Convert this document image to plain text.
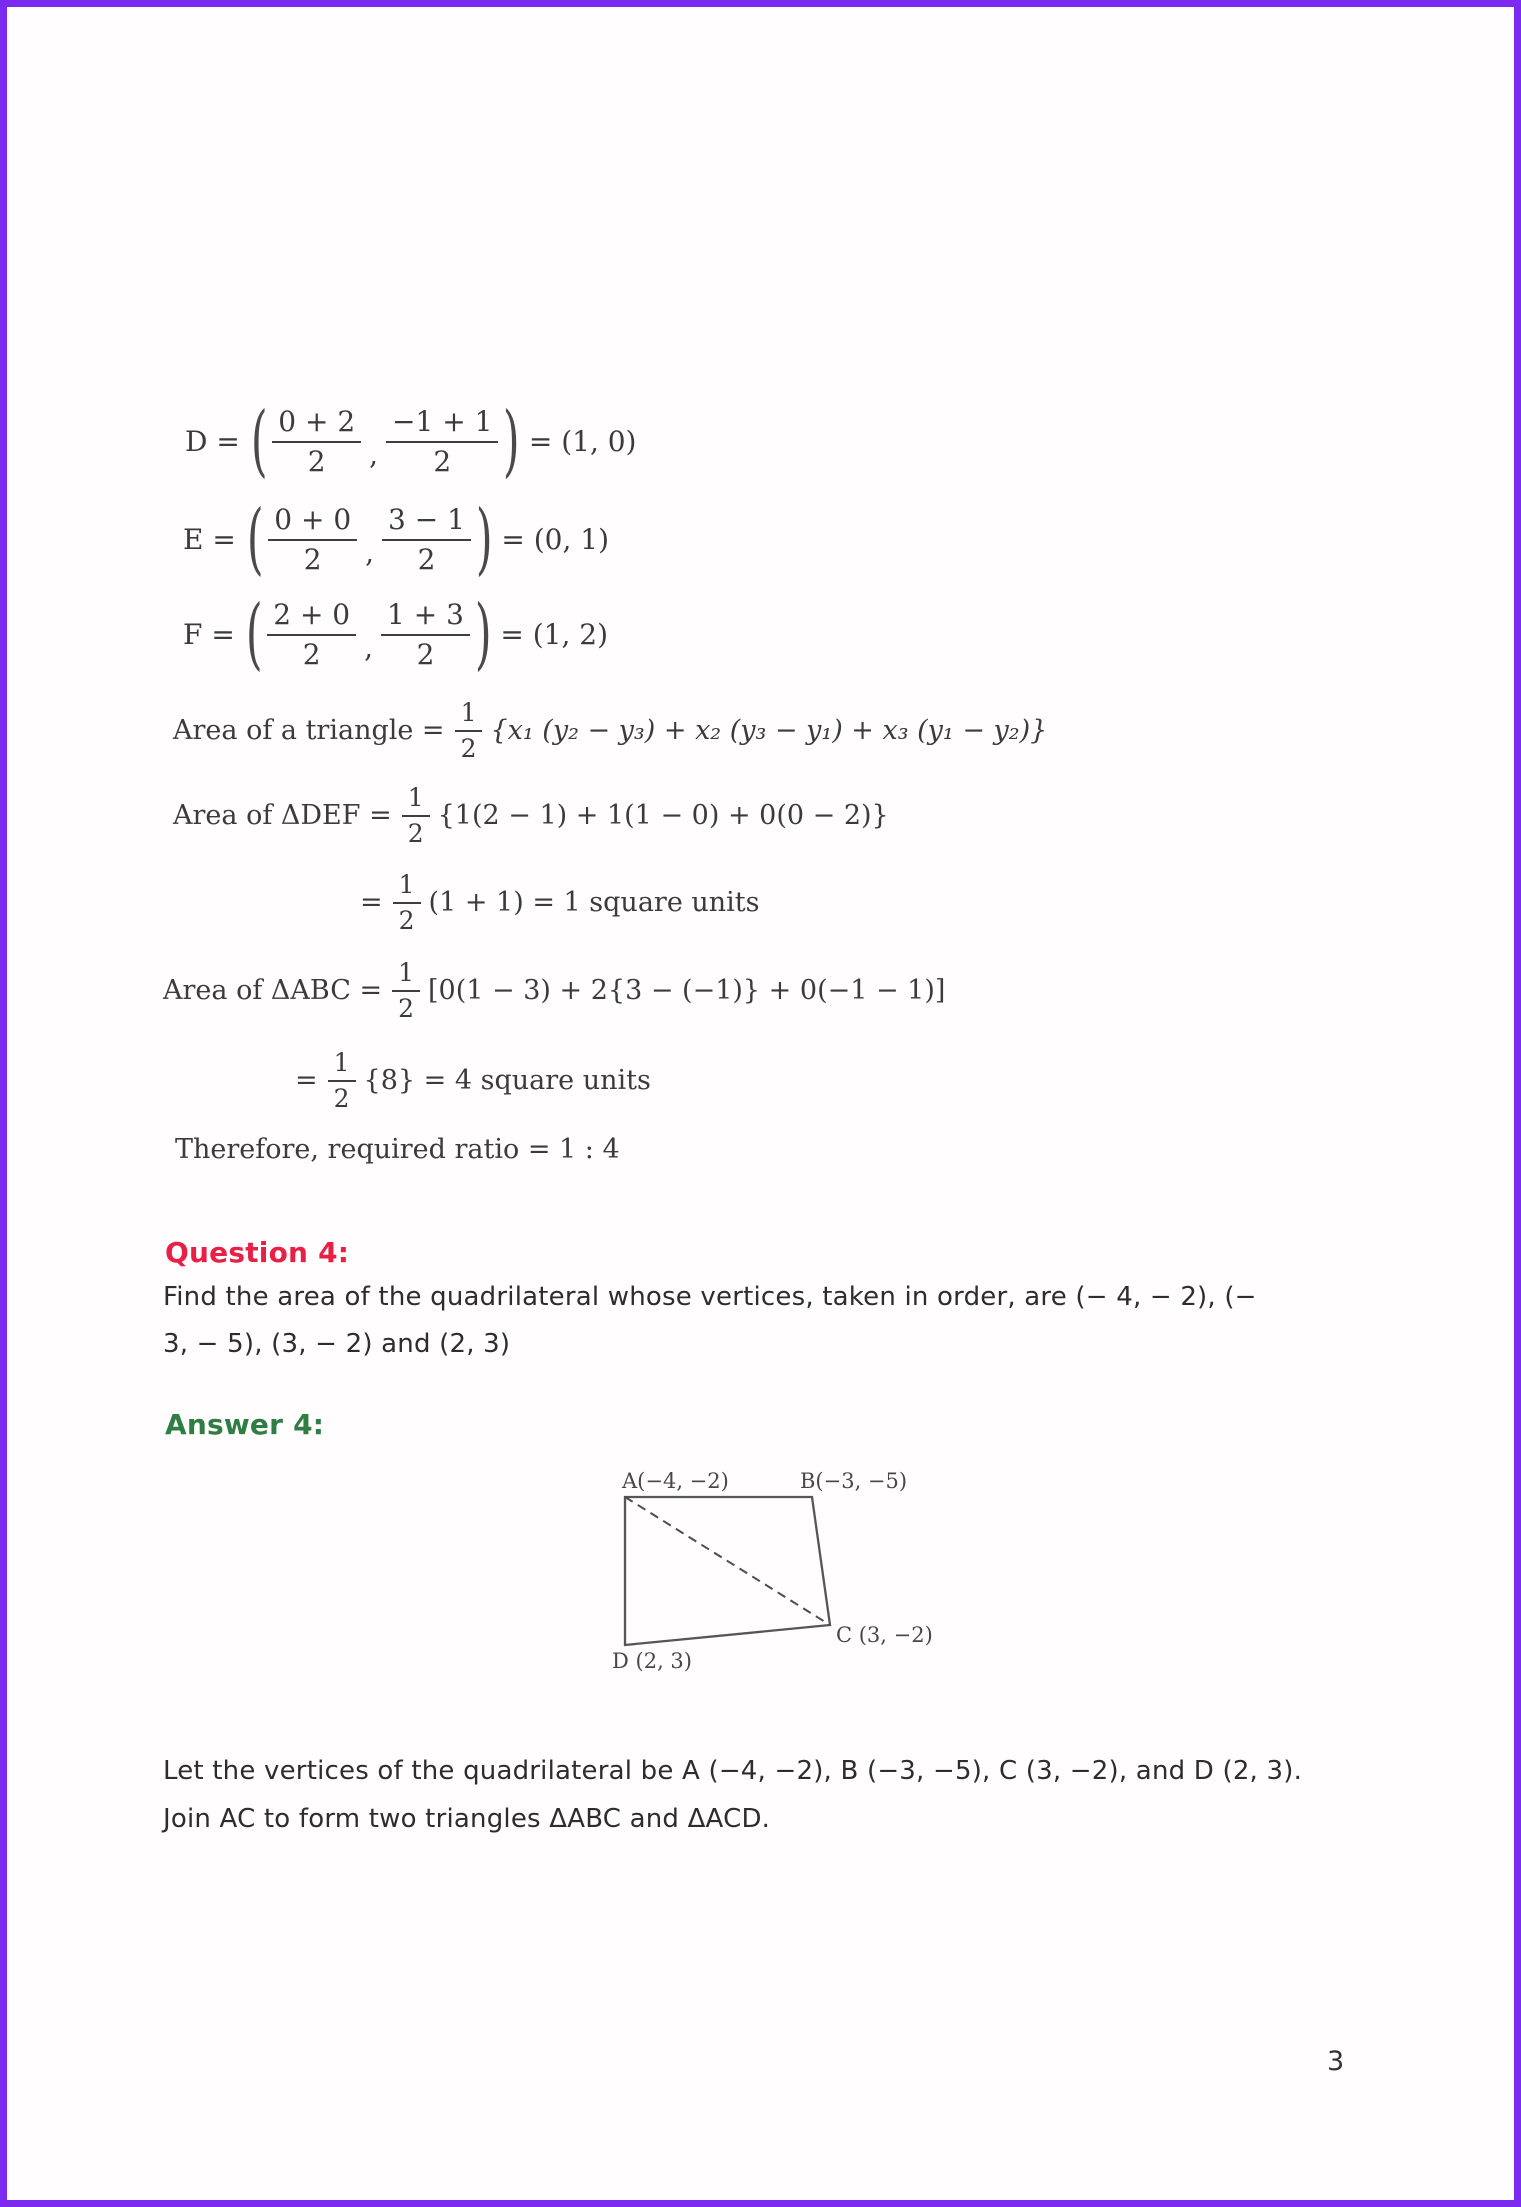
D = ( $\frac{0 + 2}{2}$ , $\frac{-1 + 1}{2}$ ) = (1, 0)
E = ( $\frac{0 + 0}{2}$ , $\frac{3 - 1}{2}$ ) = (0, 1)
F = ( $\frac{2 + 0}{2}$ , $\frac{1 + 3}{2}$ ) = (1, 2)
Area of a triangle = $\frac{1}{2} \{x_1$ (y₂ − y₃) + x₂ (y₃ − y₁) + x₃ (y₁ − y₂)}
Area of $\Delta DEF = \frac{1}{2} \{1(2 - 1) + 1(1 - 0) + 0(0 - 2)\}$
= $\frac{1}{2} (1 + 1) = 1$ square units
Area of $\Delta ABC = \frac{1}{2} [0(1 - 3) + 2\{3 - (-1)\} + 0(-1 - 1)]$
= $\frac{1}{2} \{8\} = 4$ square units
Therefore, required ratio = 1 : 4
Question 4:
Find the area of the quadrilateral whose vertices, taken in order, are (− 4, − 2), (−
3, − 5), (3, − 2) and (2, 3)
Answer 4:
A(−4, −2)	B(−3, −5)
C (3, −2)
D (2, 3)
Let the vertices of the quadrilateral be A (−4, −2), B (−3, −5), C (3, −2), and D (2, 3).
Join AC to form two triangles ΔABC and ΔACD.
3
